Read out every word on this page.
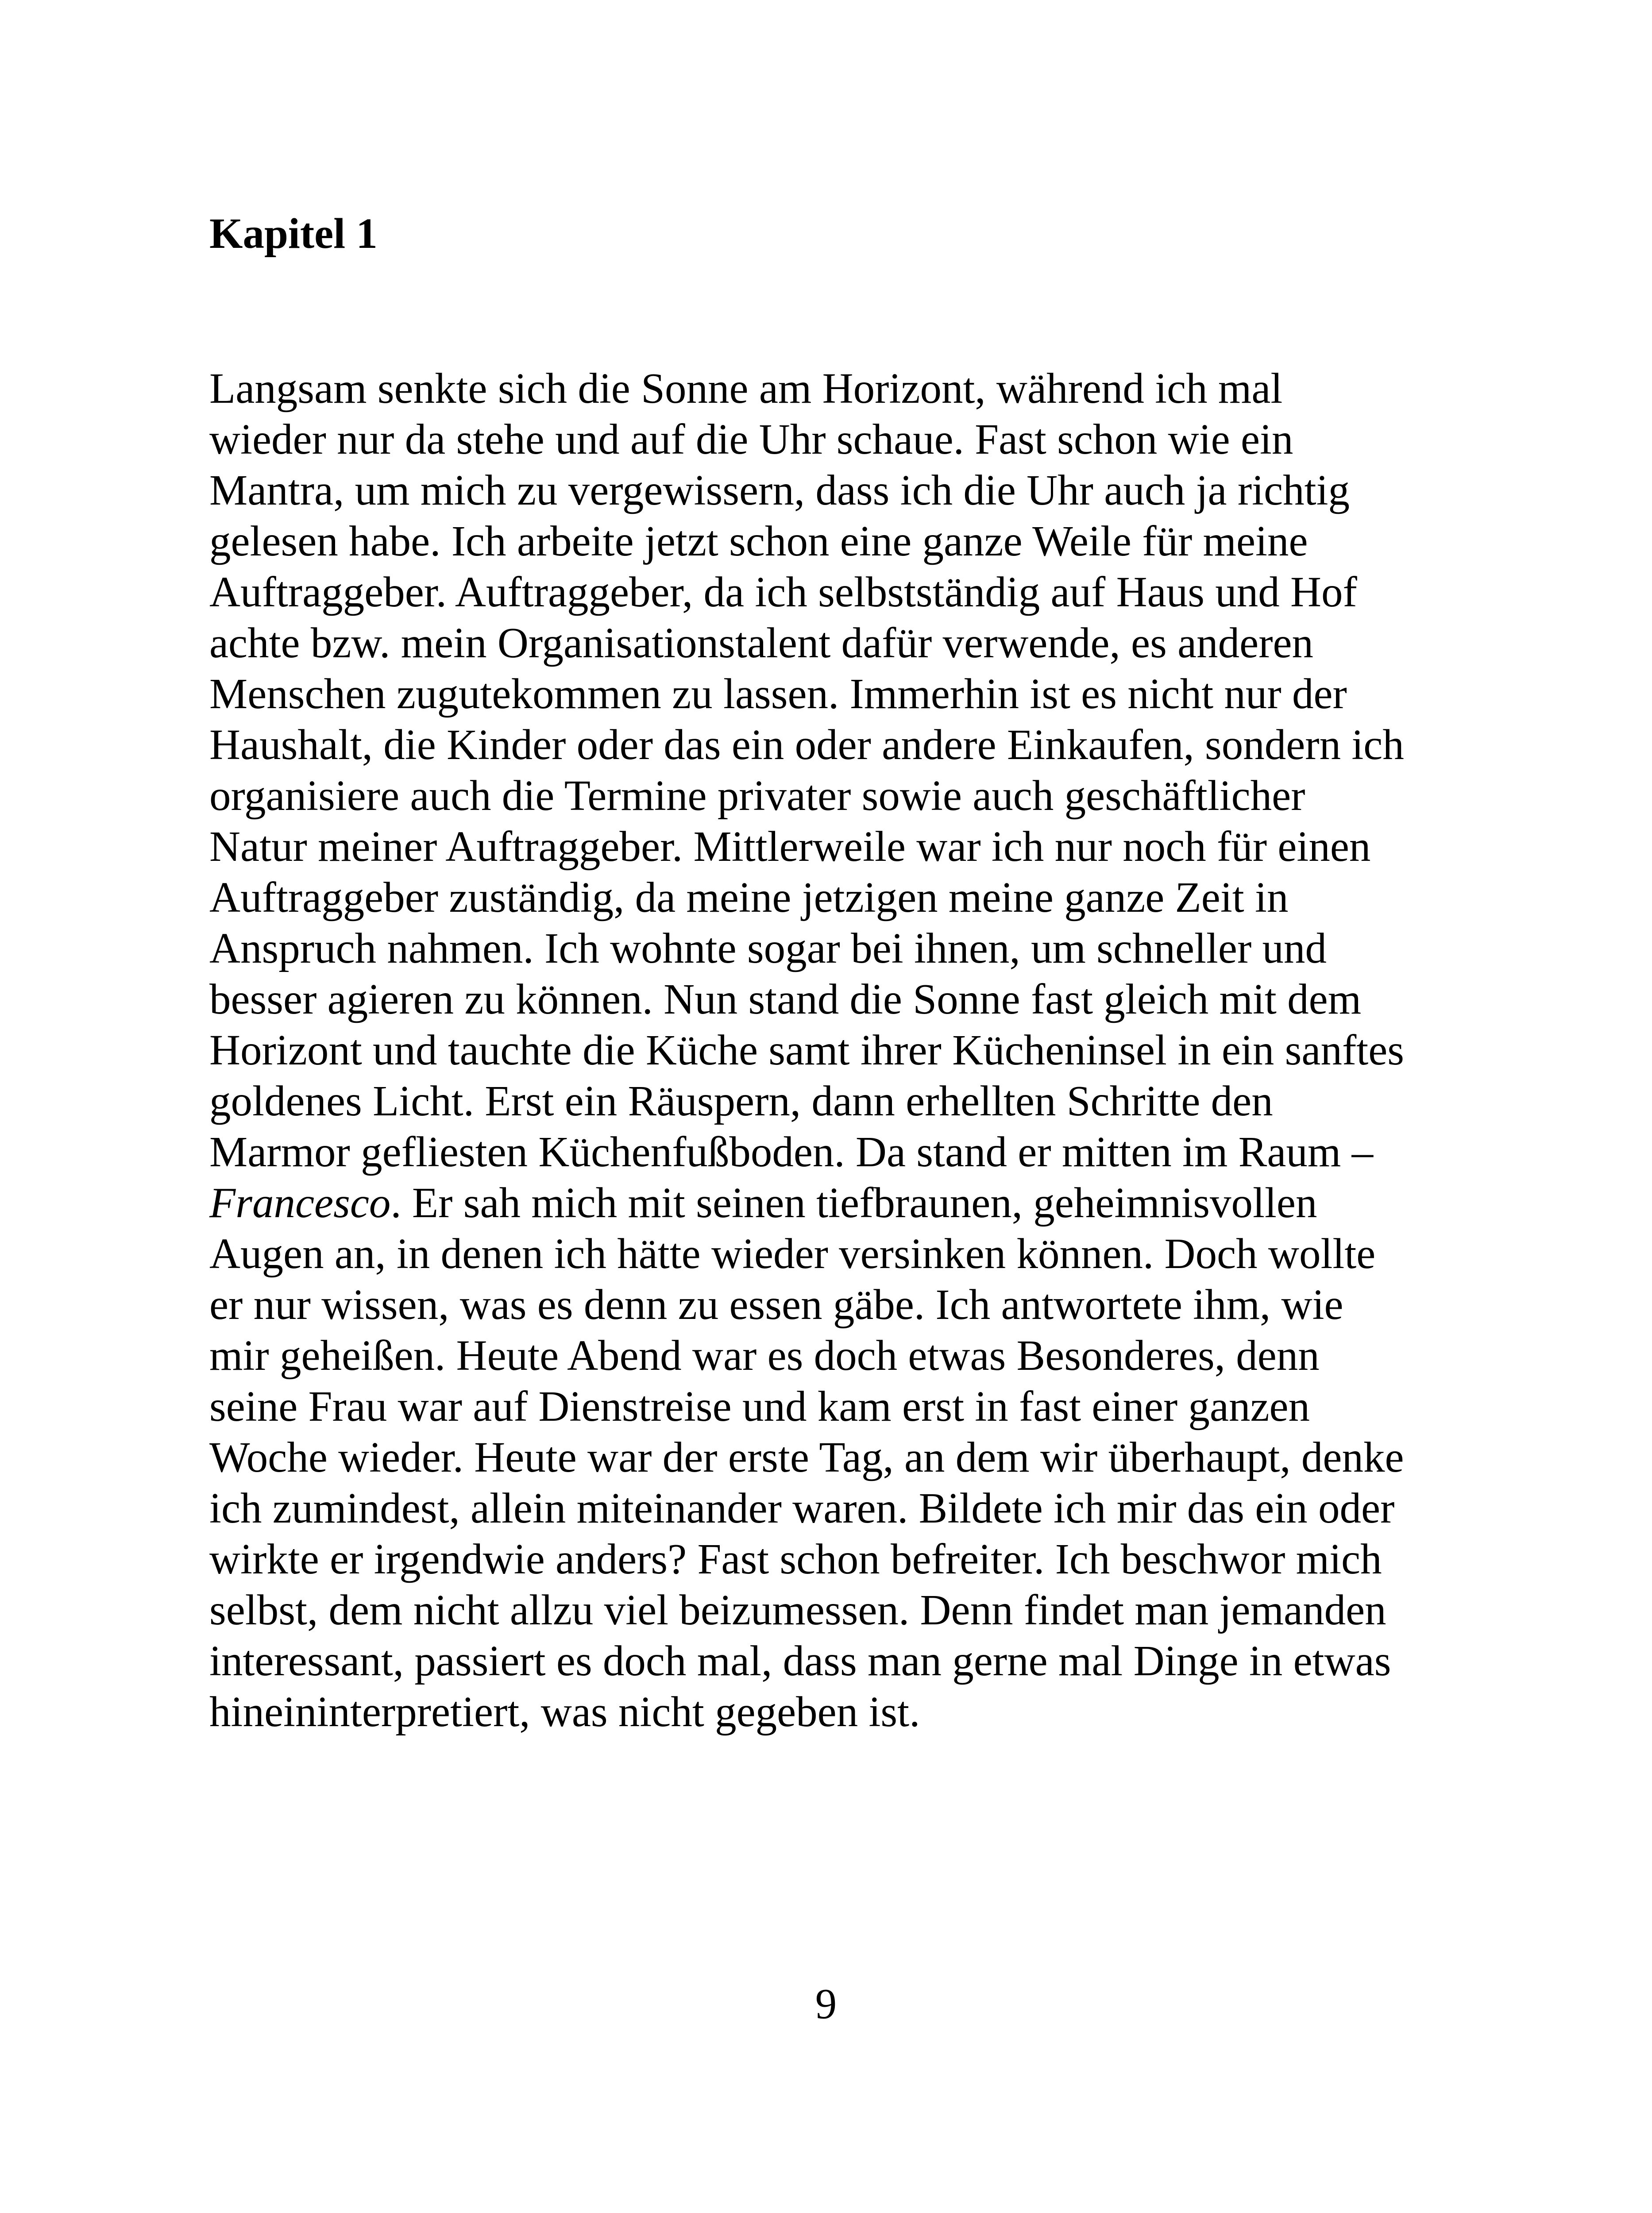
Kapitel 1

Langsam senkte sich die Sonne am Horizont, während ich mal
wieder nur da stehe und auf die Uhr schaue. Fast schon wie ein
Mantra, um mich zu vergewissern, dass ich die Uhr auch ja richtig
gelesen habe. Ich arbeite jetzt schon eine ganze Weile für meine
Auftraggeber. Auftraggeber, da ich selbstständig auf Haus und Hof
achte bzw. mein Organisationstalent dafür verwende, es anderen
Menschen zugutekommen zu lassen. Immerhin ist es nicht nur der
Haushalt, die Kinder oder das ein oder andere Einkaufen, sondern ich
organisiere auch die Termine privater sowie auch geschäftlicher
Natur meiner Auftraggeber. Mittlerweile war ich nur noch für einen
Auftraggeber zuständig, da meine jetzigen meine ganze Zeit in
Anspruch nahmen. Ich wohnte sogar bei ihnen, um schneller und
besser agieren zu können. Nun stand die Sonne fast gleich mit dem
Horizont und tauchte die Küche samt ihrer Kücheninsel in ein sanftes
goldenes Licht. Erst ein Räuspern, dann erhellten Schritte den
Marmor gefliesten Küchenfußboden. Da stand er mitten im Raum –
Francesco. Er sah mich mit seinen tiefbraunen, geheimnisvollen
Augen an, in denen ich hätte wieder versinken können. Doch wollte
er nur wissen, was es denn zu essen gäbe. Ich antwortete ihm, wie
mir geheißen. Heute Abend war es doch etwas Besonderes, denn
seine Frau war auf Dienstreise und kam erst in fast einer ganzen
Woche wieder. Heute war der erste Tag, an dem wir überhaupt, denke
ich zumindest, allein miteinander waren. Bildete ich mir das ein oder
wirkte er irgendwie anders? Fast schon befreiter. Ich beschwor mich
selbst, dem nicht allzu viel beizumessen. Denn findet man jemanden
interessant, passiert es doch mal, dass man gerne mal Dinge in etwas
hineininterpretiert, was nicht gegeben ist.

9
